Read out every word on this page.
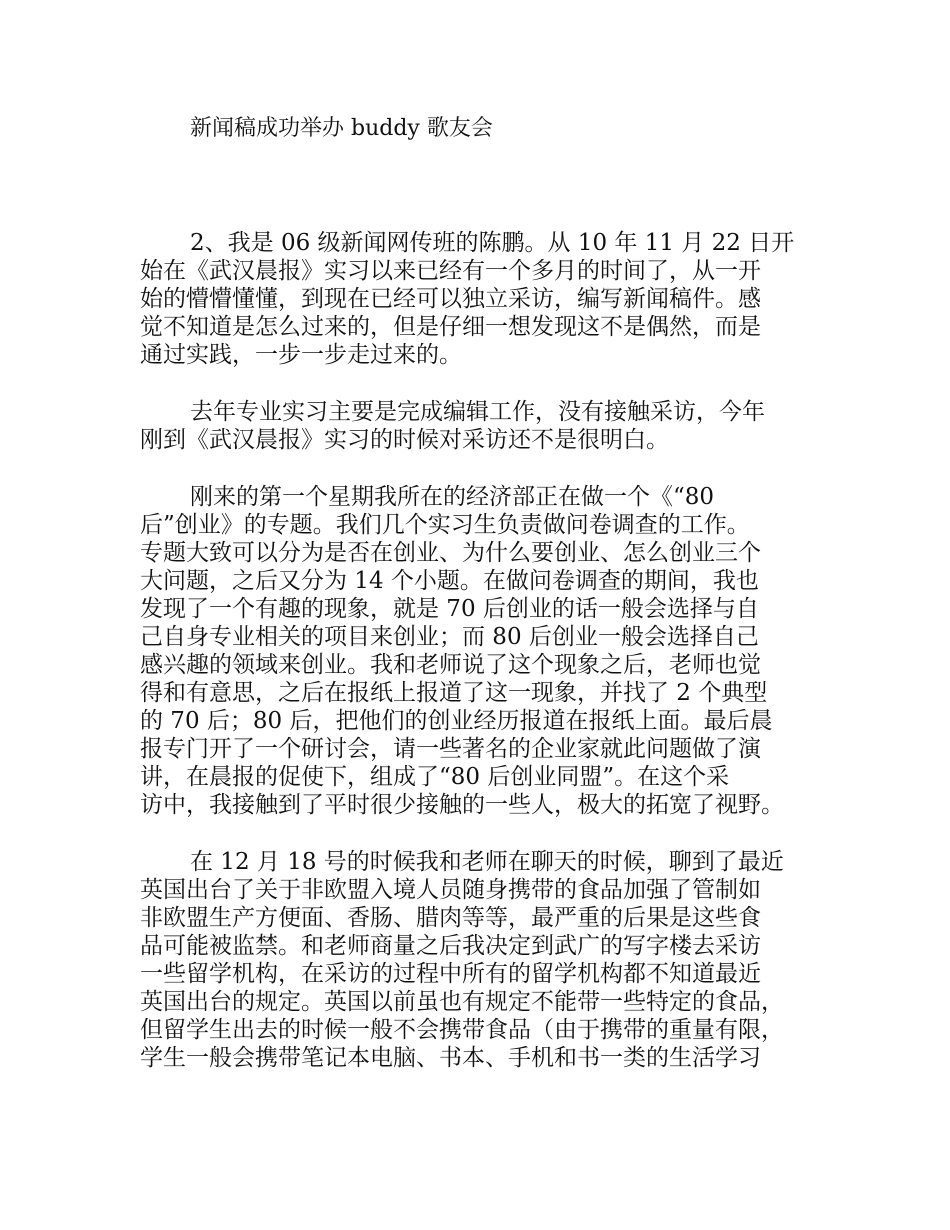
新闻稿成功举办 buddy 歌友会
2、我是 06 级新闻网传班的陈鹏。从 10 年 11 月 22 日开
始在《武汉晨报》实习以来已经有一个多月的时间了，从一开
始的懵懵懂懂，到现在已经可以独立采访，编写新闻稿件。感
觉不知道是怎么过来的，但是仔细一想发现这不是偶然，而是
通过实践，一步一步走过来的。
去年专业实习主要是完成编辑工作，没有接触采访，今年
刚到《武汉晨报》实习的时候对采访还不是很明白。
刚来的第一个星期我所在的经济部正在做一个《“80
后”创业》的专题。我们几个实习生负责做问卷调查的工作。
专题大致可以分为是否在创业、为什么要创业、怎么创业三个
大问题，之后又分为 14 个小题。在做问卷调查的期间，我也
发现了一个有趣的现象，就是 70 后创业的话一般会选择与自
己自身专业相关的项目来创业；而 80 后创业一般会选择自己
感兴趣的领域来创业。我和老师说了这个现象之后，老师也觉
得和有意思，之后在报纸上报道了这一现象，并找了 2 个典型
的 70 后；80 后，把他们的创业经历报道在报纸上面。最后晨
报专门开了一个研讨会，请一些著名的企业家就此问题做了演
讲，在晨报的促使下，组成了“80 后创业同盟”。在这个采
访中，我接触到了平时很少接触的一些人，极大的拓宽了视野。
在 12 月 18 号的时候我和老师在聊天的时候，聊到了最近
英国出台了关于非欧盟入境人员随身携带的食品加强了管制如
非欧盟生产方便面、香肠、腊肉等等，最严重的后果是这些食
品可能被监禁。和老师商量之后我决定到武广的写字楼去采访
一些留学机构，在采访的过程中所有的留学机构都不知道最近
英国出台的规定。英国以前虽也有规定不能带一些特定的食品，
但留学生出去的时候一般不会携带食品（由于携带的重量有限，
学生一般会携带笔记本电脑、书本、手机和书一类的生活学习
